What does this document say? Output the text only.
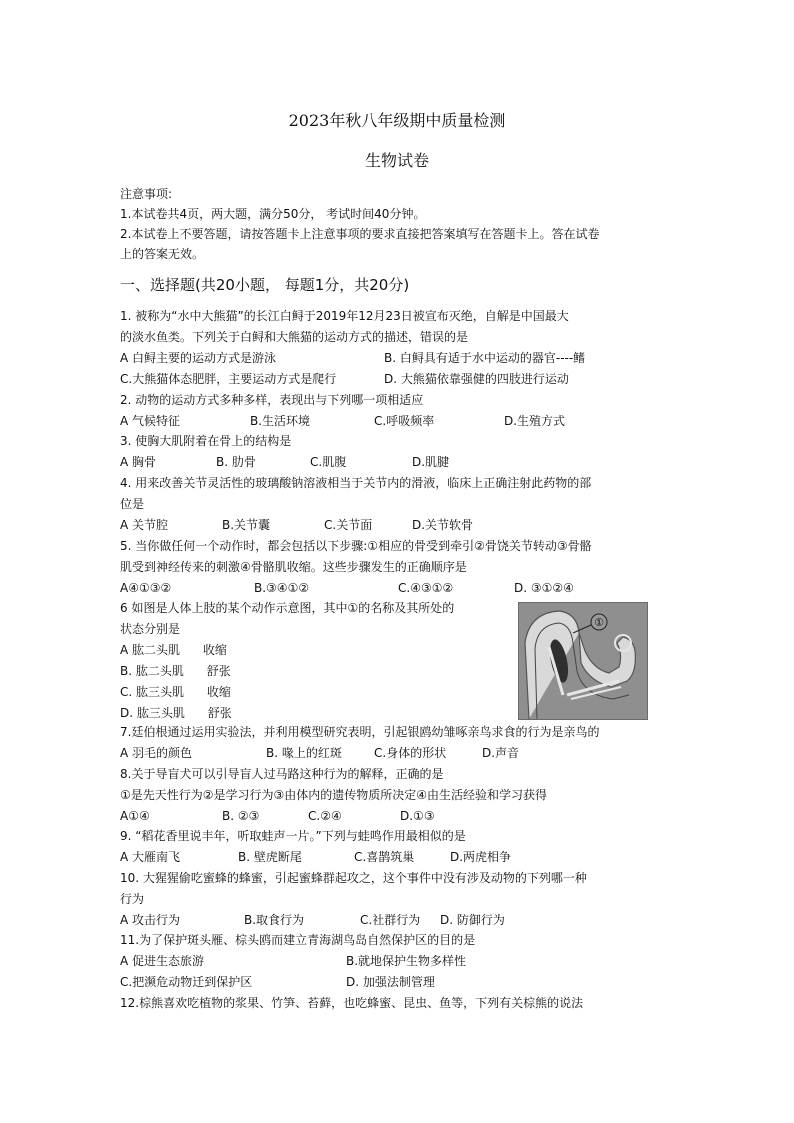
2023年秋八年级期中质量检测
生物试卷
注意事项:
1.本试卷共4页，两大题，满分50分， 考试时间40分钟。
2.本试卷上不要答题，请按答题卡上注意事项的要求直接把答案填写在答题卡上。答在试卷
上的答案无效。
一、选择题(共20小题， 每题1分，共20分)
1. 被称为“水中大熊猫”的长江白鲟于2019年12月23日被宣布灭绝，自解是中国最大
的淡水鱼类。下列关于白鲟和大熊猫的运动方式的描述，错误的是
A 白鲟主要的运动方式是游泳	B. 白鲟具有适于水中运动的器官----鳍
C.大熊猫体态肥胖，主要运动方式是爬行	D. 大熊猫依靠强健的四肢进行运动
2. 动物的运动方式多种多样，表现出与下列哪一项相适应
A 气候特征	B.生活环境	C.呼吸频率	D.生殖方式
3. 使胸大肌附着在骨上的结构是
A 胸骨	B. 肋骨	C.肌腹	D.肌腱
4. 用来改善关节灵活性的玻璃酸钠溶液相当于关节内的滑液，临床上正确注射此药物的部
位是
A 关节腔	B.关节囊	C.关节面	D.关节软骨
5. 当你做任何一个动作时，都会包括以下步骤:①相应的骨受到牵引②骨饶关节转动③骨骼
肌受到神经传来的刺激④骨骼肌收缩。这些步骤发生的正确顺序是
A④①③②	B.③④①②	C.④③①②	D. ③①②④
6 如图是人体上肢的某个动作示意图，其中①的名称及其所处的
状态分别是
A 肱二头肌      收缩
B. 肱二头肌      舒张
C. 肱三头肌      收缩
D. 肱三头肌      舒张
①
7.廷伯根通过运用实验法，并利用模型研究表明，引起银鸥幼雏啄亲鸟求食的行为是亲鸟的
A 羽毛的颜色	B. 喙上的红斑	C.身体的形状	D.声音
8.关于导盲犬可以引导盲人过马路这种行为的解释，正确的是
①是先天性行为②是学习行为③由体内的遗传物质所决定④由生活经验和学习获得
A①④	B. ②③	C.②④	D.①③
9. “稻花香里说丰年，听取蛙声一片。”下列与蛙鸣作用最相似的是
A 大雁南飞	B. 壁虎断尾	C.喜鹊筑巢	D.两虎相争
10. 大猩猩偷吃蜜蜂的蜂蜜，引起蜜蜂群起攻之，这个事件中没有涉及动物的下列哪一种
行为
A 攻击行为	B.取食行为	C.社群行为 D. 防御行为
11.为了保护斑头雁、棕头鸥而建立青海湖鸟岛自然保护区的目的是
A 促进生态旅游	B.就地保护生物多样性
C.把濒危动物迁到保护区	D. 加强法制管理
12.棕熊喜欢吃植物的浆果、竹笋、苔藓，也吃蜂蜜、昆虫、鱼等，下列有关棕熊的说法
